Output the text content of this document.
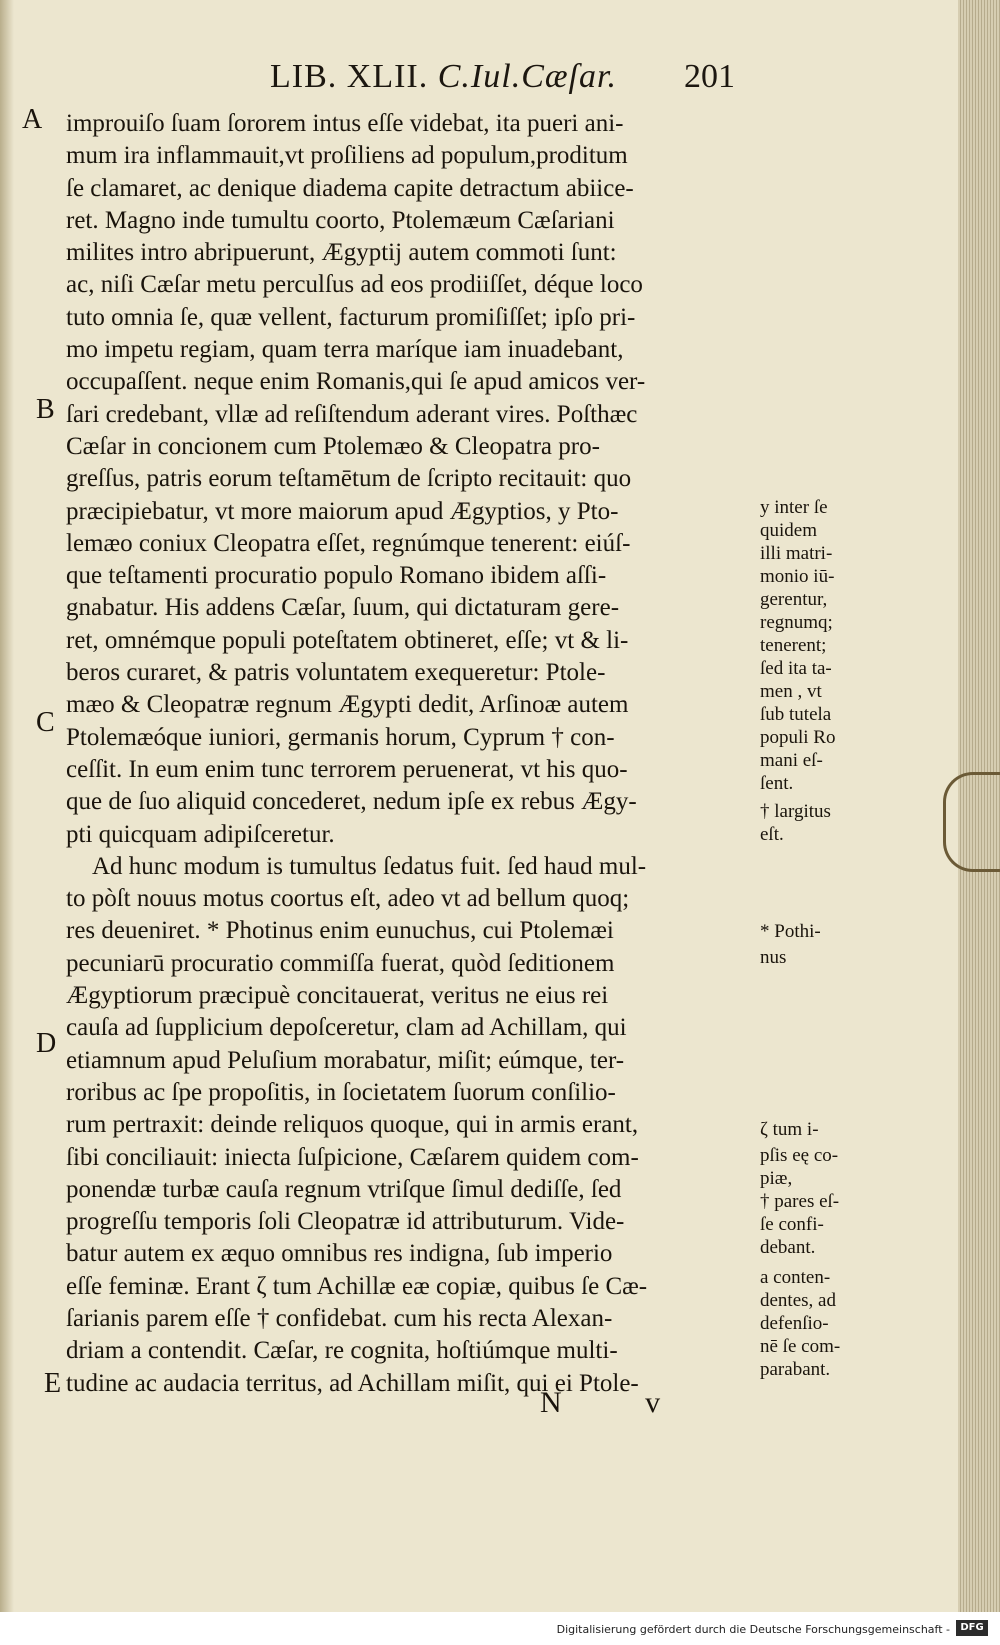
LIB. XLII. C.Iul.Cæſar.	201
A
B
C
D
E
improuiſo ſuam ſororem intus eſſe videbat, ita pueri ani-
mum ira inflammauit,vt proſiliens ad populum,proditum
ſe clamaret, ac denique diadema capite detractum abiice-
ret. Magno inde tumultu coorto, Ptolemæum Cæſariani
milites intro abripuerunt, Ægyptij autem commoti ſunt:
ac, niſi Cæſar metu perculſus ad eos prodiiſſet, déque loco
tuto omnia ſe, quæ vellent, facturum promiſiſſet; ipſo pri-
mo impetu regiam, quam terra maríque iam inuadebant,
occupaſſent. neque enim Romanis,qui ſe apud amicos ver-
ſari credebant, vllæ ad reſiſtendum aderant vires. Poſthæc
Cæſar in concionem cum Ptolemæo & Cleopatra pro-
greſſus, patris eorum teſtamētum de ſcripto recitauit: quo
præcipiebatur, vt more maiorum apud Ægyptios, y Pto-
lemæo coniux Cleopatra eſſet, regnúmque tenerent: eiúſ-
que teſtamenti procuratio populo Romano ibidem aſſi-
gnabatur. His addens Cæſar, ſuum, qui dictaturam gere-
ret, omnémque populi poteſtatem obtineret, eſſe; vt & li-
beros curaret, & patris voluntatem exequeretur: Ptole-
mæo & Cleopatræ regnum Ægypti dedit, Arſinoæ autem
Ptolemæóque iuniori, germanis horum, Cyprum † con-
ceſſit. In eum enim tunc terrorem peruenerat, vt his quo-
que de ſuo aliquid concederet, nedum ipſe ex rebus Ægy-
pti quicquam adipiſceretur.
Ad hunc modum is tumultus ſedatus fuit. ſed haud mul-
to pòſt nouus motus coortus eſt, adeo vt ad bellum quoq;
res deueniret. * Photinus enim eunuchus, cui Ptolemæi
pecuniarū procuratio commiſſa fuerat, quòd ſeditionem
Ægyptiorum præcipuè concitauerat, veritus ne eius rei
cauſa ad ſupplicium depoſceretur, clam ad Achillam, qui
etiamnum apud Peluſium morabatur, miſit; eúmque, ter-
roribus ac ſpe propoſitis, in ſocietatem ſuorum conſilio-
rum pertraxit: deinde reliquos quoque, qui in armis erant,
ſibi conciliauit: iniecta ſuſpicione, Cæſarem quidem com-
ponendæ turbæ cauſa regnum vtriſque ſimul dediſſe, ſed
progreſſu temporis ſoli Cleopatræ id attributurum. Vide-
batur autem ex æquo omnibus res indigna, ſub imperio
eſſe feminæ. Erant ζ tum Achillæ eæ copiæ, quibus ſe Cæ-
ſarianis parem eſſe † confidebat. cum his recta Alexan-
driam a contendit. Cæſar, re cognita, hoſtiúmque multi-
tudine ac audacia territus, ad Achillam miſit, qui ei Ptole-
y inter ſe
quidem
illi matri-
monio iū-
gerentur,
regnumq;
tenerent;
ſed ita ta-
men , vt
ſub tutela
populi Ro
mani eſ-
ſent.
† largitus
eſt.
* Pothi-
nus
ζ tum i-
pſis eę co-
piæ,
† pares eſ-
ſe confi-
debant.
a conten-
dentes, ad
defenſio-
nē ſe com-
parabant.
N v
Digitalisierung gefördert durch die Deutsche Forschungsgemeinschaft -	DFG
